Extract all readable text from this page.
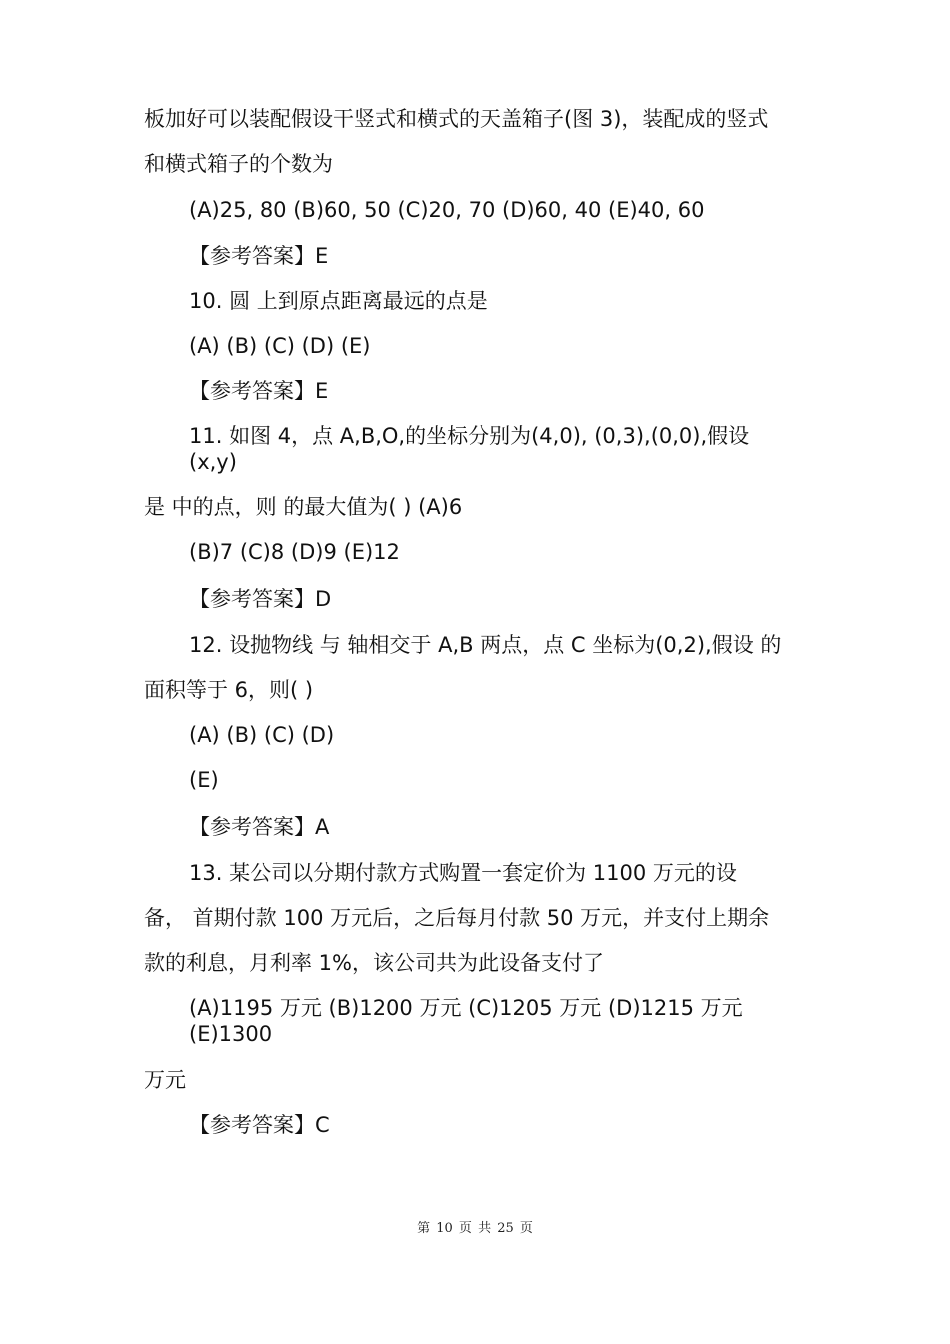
板加好可以装配假设干竖式和横式的天盖箱子(图 3)，装配成的竖式
和横式箱子的个数为
(A)25, 80 (B)60, 50 (C)20, 70 (D)60, 40 (E)40, 60
【参考答案】E
10. 圆 上到原点距离最远的点是
(A) (B) (C) (D) (E)
【参考答案】E
11. 如图 4，点 A,B,O,的坐标分别为(4,0), (0,3),(0,0),假设 (x,y)
是 中的点，则 的最大值为( ) (A)6
(B)7 (C)8 (D)9 (E)12
【参考答案】D
12. 设抛物线 与 轴相交于 A,B 两点，点 C 坐标为(0,2),假设 的
面积等于 6，则( )
(A) (B) (C) (D)
(E)
【参考答案】A
13. 某公司以分期付款方式购置一套定价为 1100 万元的设
备， 首期付款 100 万元后，之后每月付款 50 万元，并支付上期余
款的利息，月利率 1%，该公司共为此设备支付了
(A)1195 万元 (B)1200 万元 (C)1205 万元 (D)1215 万元 (E)1300
万元
【参考答案】C
第 10 页 共 25 页
